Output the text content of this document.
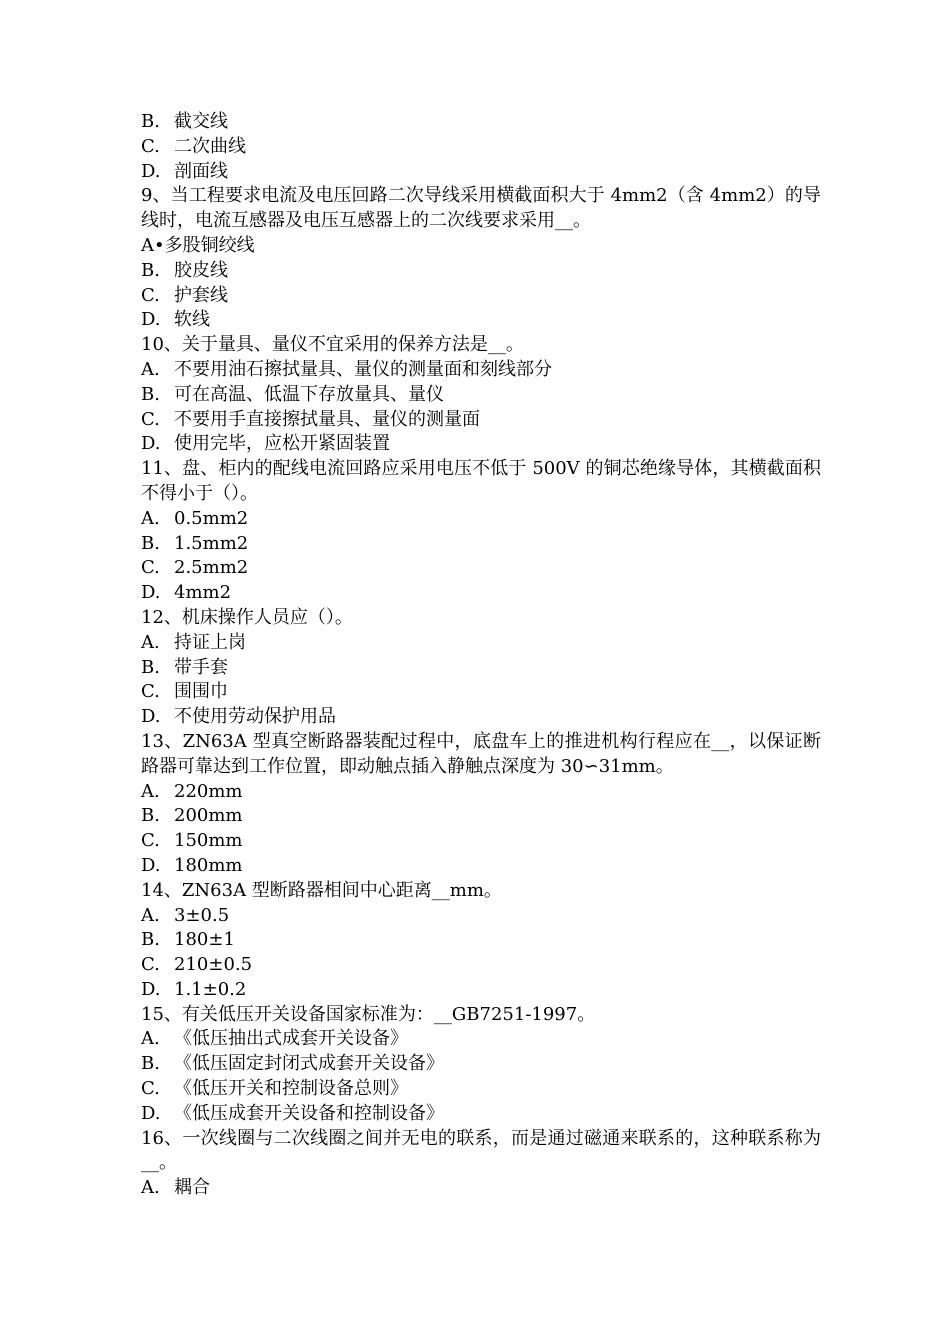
B. 截交线
C. 二次曲线
D. 剖面线
9、当工程要求电流及电压回路二次导线采用横截面积大于 4mm2（含 4mm2）的导线时，电流互感器及电压互感器上的二次线要求采用__。
A•多股铜绞线
B. 胶皮线
C. 护套线
D. 软线
10、关于量具、量仪不宜采用的保养方法是__。
A. 不要用油石擦拭量具、量仪的测量面和刻线部分
B. 可在高温、低温下存放量具、量仪
C. 不要用手直接擦拭量具、量仪的测量面
D. 使用完毕，应松开紧固装置
11、盘、柜内的配线电流回路应采用电压不低于 500V 的铜芯绝缘导体，其横截面积不得小于（）。
A. 0.5mm2
B. 1.5mm2
C. 2.5mm2
D. 4mm2
12、机床操作人员应（）。
A. 持证上岗
B. 带手套
C. 围围巾
D. 不使用劳动保护用品
13、ZN63A 型真空断路器装配过程中，底盘车上的推进机构行程应在__，以保证断路器可靠达到工作位置，即动触点插入静触点深度为 30∽31mm。
A. 220mm
B. 200mm
C. 150mm
D. 180mm
14、ZN63A 型断路器相间中心距离__mm。
A. 3±0.5
B. 180±1
C. 210±0.5
D. 1.1±0.2
15、有关低压开关设备国家标准为：__GB7251-1997。
A. 《低压抽出式成套开关设备》
B. 《低压固定封闭式成套开关设备》
C. 《低压开关和控制设备总则》
D. 《低压成套开关设备和控制设备》
16、一次线圈与二次线圈之间并无电的联系，而是通过磁通来联系的，这种联系称为__。
A. 耦合
